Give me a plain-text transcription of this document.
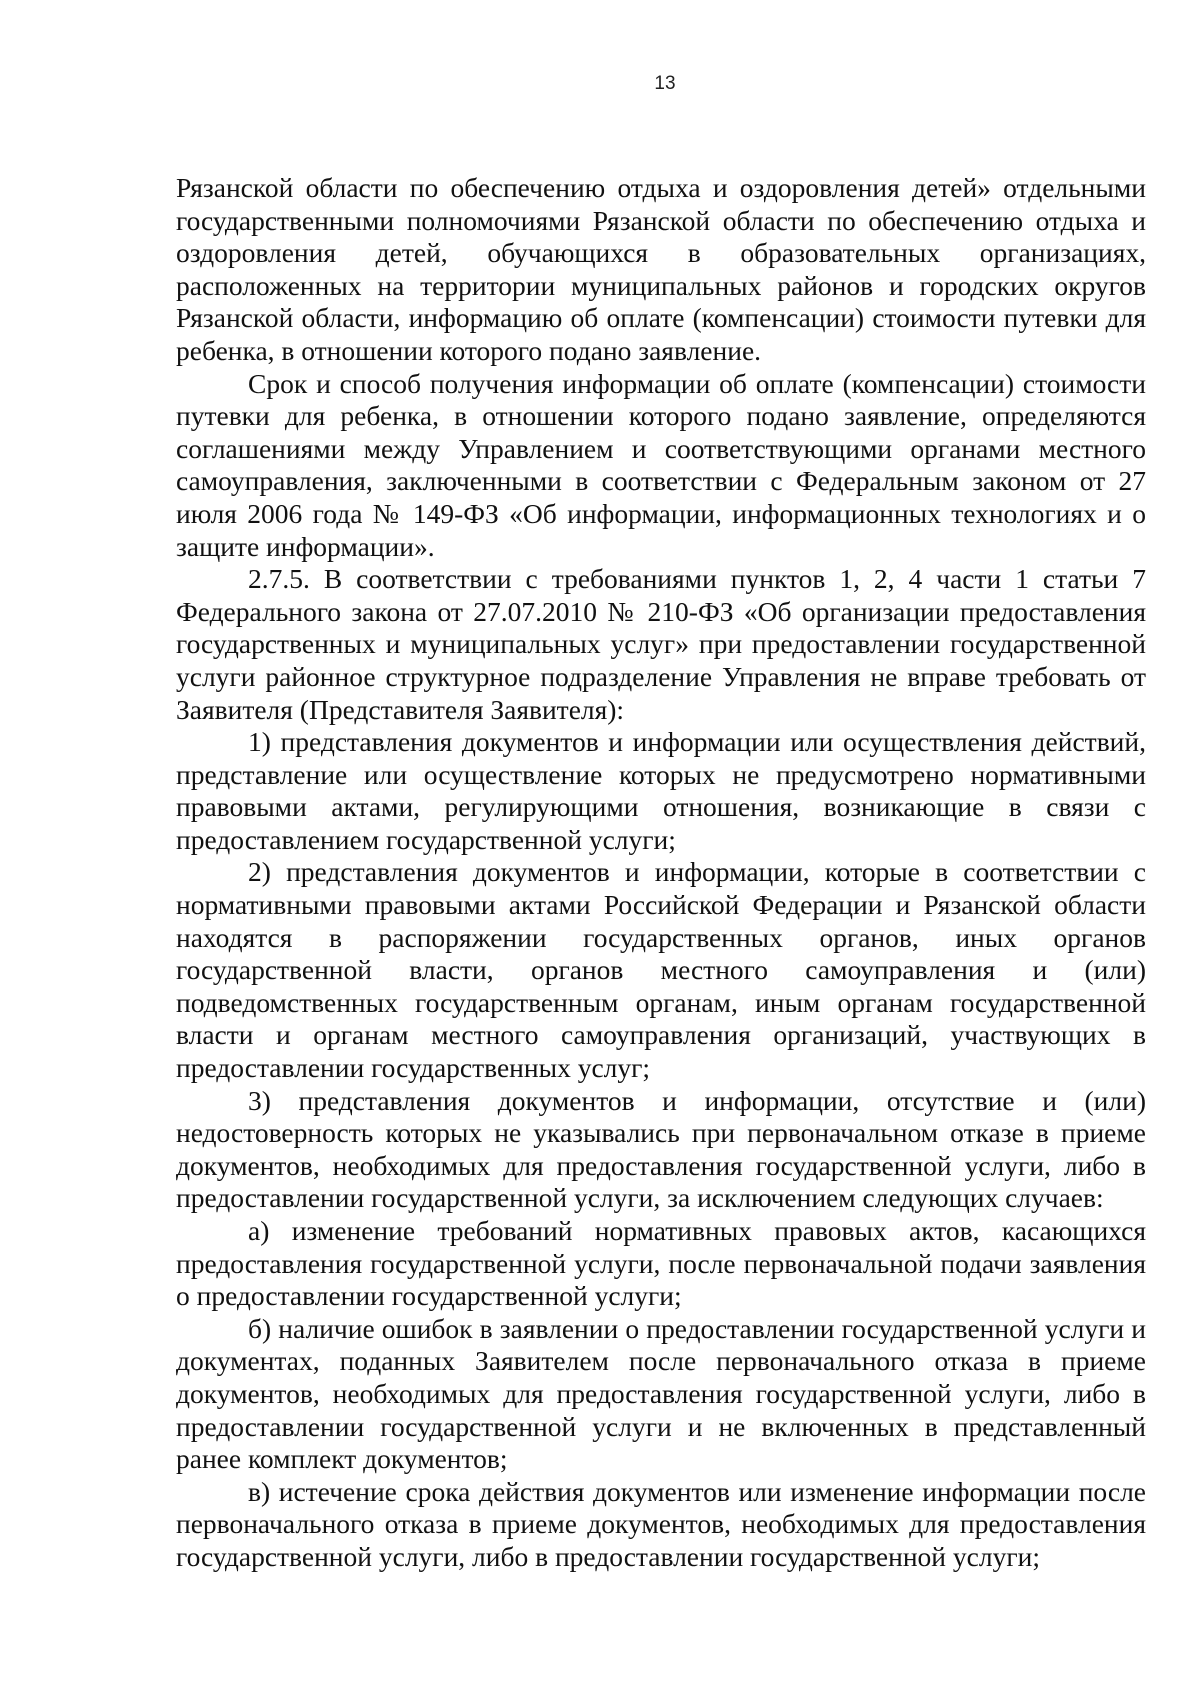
13

Рязанской области по обеспечению отдыха и оздоровления детей» отдельными государственными полномочиями Рязанской области по обеспечению отдыха и оздоровления детей, обучающихся в образовательных организациях, расположенных на территории муниципальных районов и городских округов Рязанской области, информацию об оплате (компенсации) стоимости путевки для ребенка, в отношении которого подано заявление.

Срок и способ получения информации об оплате (компенсации) стоимости путевки для ребенка, в отношении которого подано заявление, определяются соглашениями между Управлением и соответствующими органами местного самоуправления, заключенными в соответствии с Федеральным законом от 27 июля 2006 года № 149-ФЗ «Об информации, информационных технологиях и о защите информации».

2.7.5. В соответствии с требованиями пунктов 1, 2, 4 части 1 статьи 7 Федерального закона от 27.07.2010 № 210-ФЗ «Об организации предоставления государственных и муниципальных услуг» при предоставлении государственной услуги районное структурное подразделение Управления не вправе требовать от Заявителя (Представителя Заявителя):

1) представления документов и информации или осуществления действий, представление или осуществление которых не предусмотрено нормативными правовыми актами, регулирующими отношения, возникающие в связи с предоставлением государственной услуги;

2) представления документов и информации, которые в соответствии с нормативными правовыми актами Российской Федерации и Рязанской области находятся в распоряжении государственных органов, иных органов государственной власти, органов местного самоуправления и (или) подведомственных государственным органам, иным органам государственной власти и органам местного самоуправления организаций, участвующих в предоставлении государственных услуг;

3) представления документов и информации, отсутствие и (или) недостоверность которых не указывались при первоначальном отказе в приеме документов, необходимых для предоставления государственной услуги, либо в предоставлении государственной услуги, за исключением следующих случаев:

а) изменение требований нормативных правовых актов, касающихся предоставления государственной услуги, после первоначальной подачи заявления о предоставлении государственной услуги;

б) наличие ошибок в заявлении о предоставлении государственной услуги и документах, поданных Заявителем после первоначального отказа в приеме документов, необходимых для предоставления государственной услуги, либо в предоставлении государственной услуги и не включенных в представленный ранее комплект документов;

в) истечение срока действия документов или изменение информации после первоначального отказа в приеме документов, необходимых для предоставления государственной услуги, либо в предоставлении государственной услуги;
